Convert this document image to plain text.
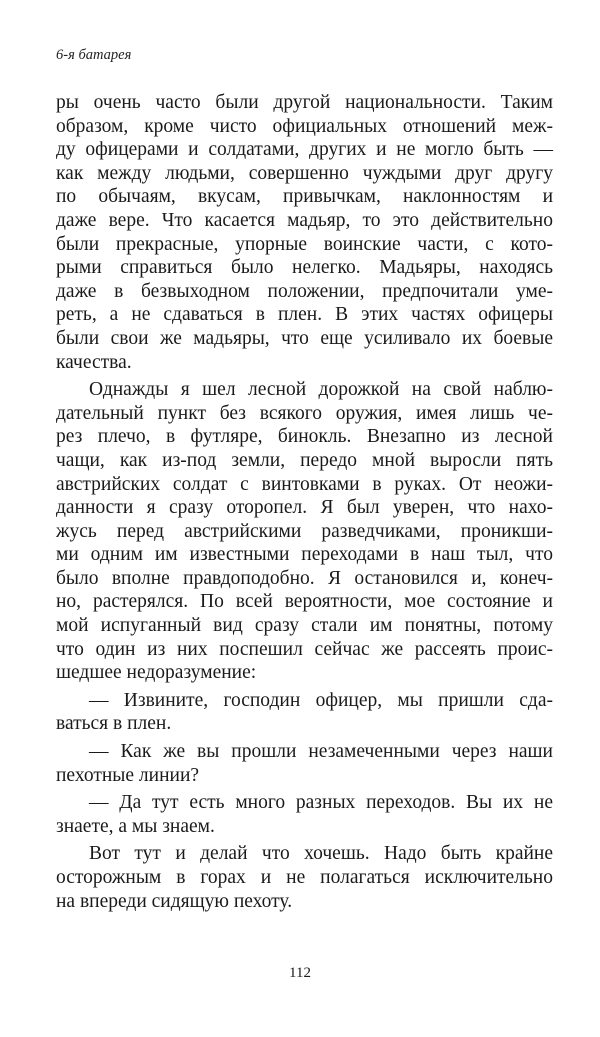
6-я батарея
ры очень часто были другой национальности. Таким
образом, кроме чисто официальных отношений меж-
ду офицерами и солдатами, других и не могло быть —
как между людьми, совершенно чуждыми друг другу
по обычаям, вкусам, привычкам, наклонностям и
даже вере. Что касается мадьяр, то это действительно
были прекрасные, упорные воинские части, с кото-
рыми справиться было нелегко. Мадьяры, находясь
даже в безвыходном положении, предпочитали уме-
реть, а не сдаваться в плен. В этих частях офицеры
были свои же мадьяры, что еще усиливало их боевые
качества.
Однажды я шел лесной дорожкой на свой наблю-
дательный пункт без всякого оружия, имея лишь че-
рез плечо, в футляре, бинокль. Внезапно из лесной
чащи, как из-под земли, передо мной выросли пять
австрийских солдат с винтовками в руках. От неожи-
данности я сразу оторопел. Я был уверен, что нахо-
жусь перед австрийскими разведчиками, проникши-
ми одним им известными переходами в наш тыл, что
было вполне правдоподобно. Я остановился и, конеч-
но, растерялся. По всей вероятности, мое состояние и
мой испуганный вид сразу стали им понятны, потому
что один из них поспешил сейчас же рассеять проис-
шедшее недоразумение:
— Извините, господин офицер, мы пришли сда-
ваться в плен.
— Как же вы прошли незамеченными через наши
пехотные линии?
— Да тут есть много разных переходов. Вы их не
знаете, а мы знаем.
Вот тут и делай что хочешь. Надо быть крайне
осторожным в горах и не полагаться исключительно
на впереди сидящую пехоту.
112
